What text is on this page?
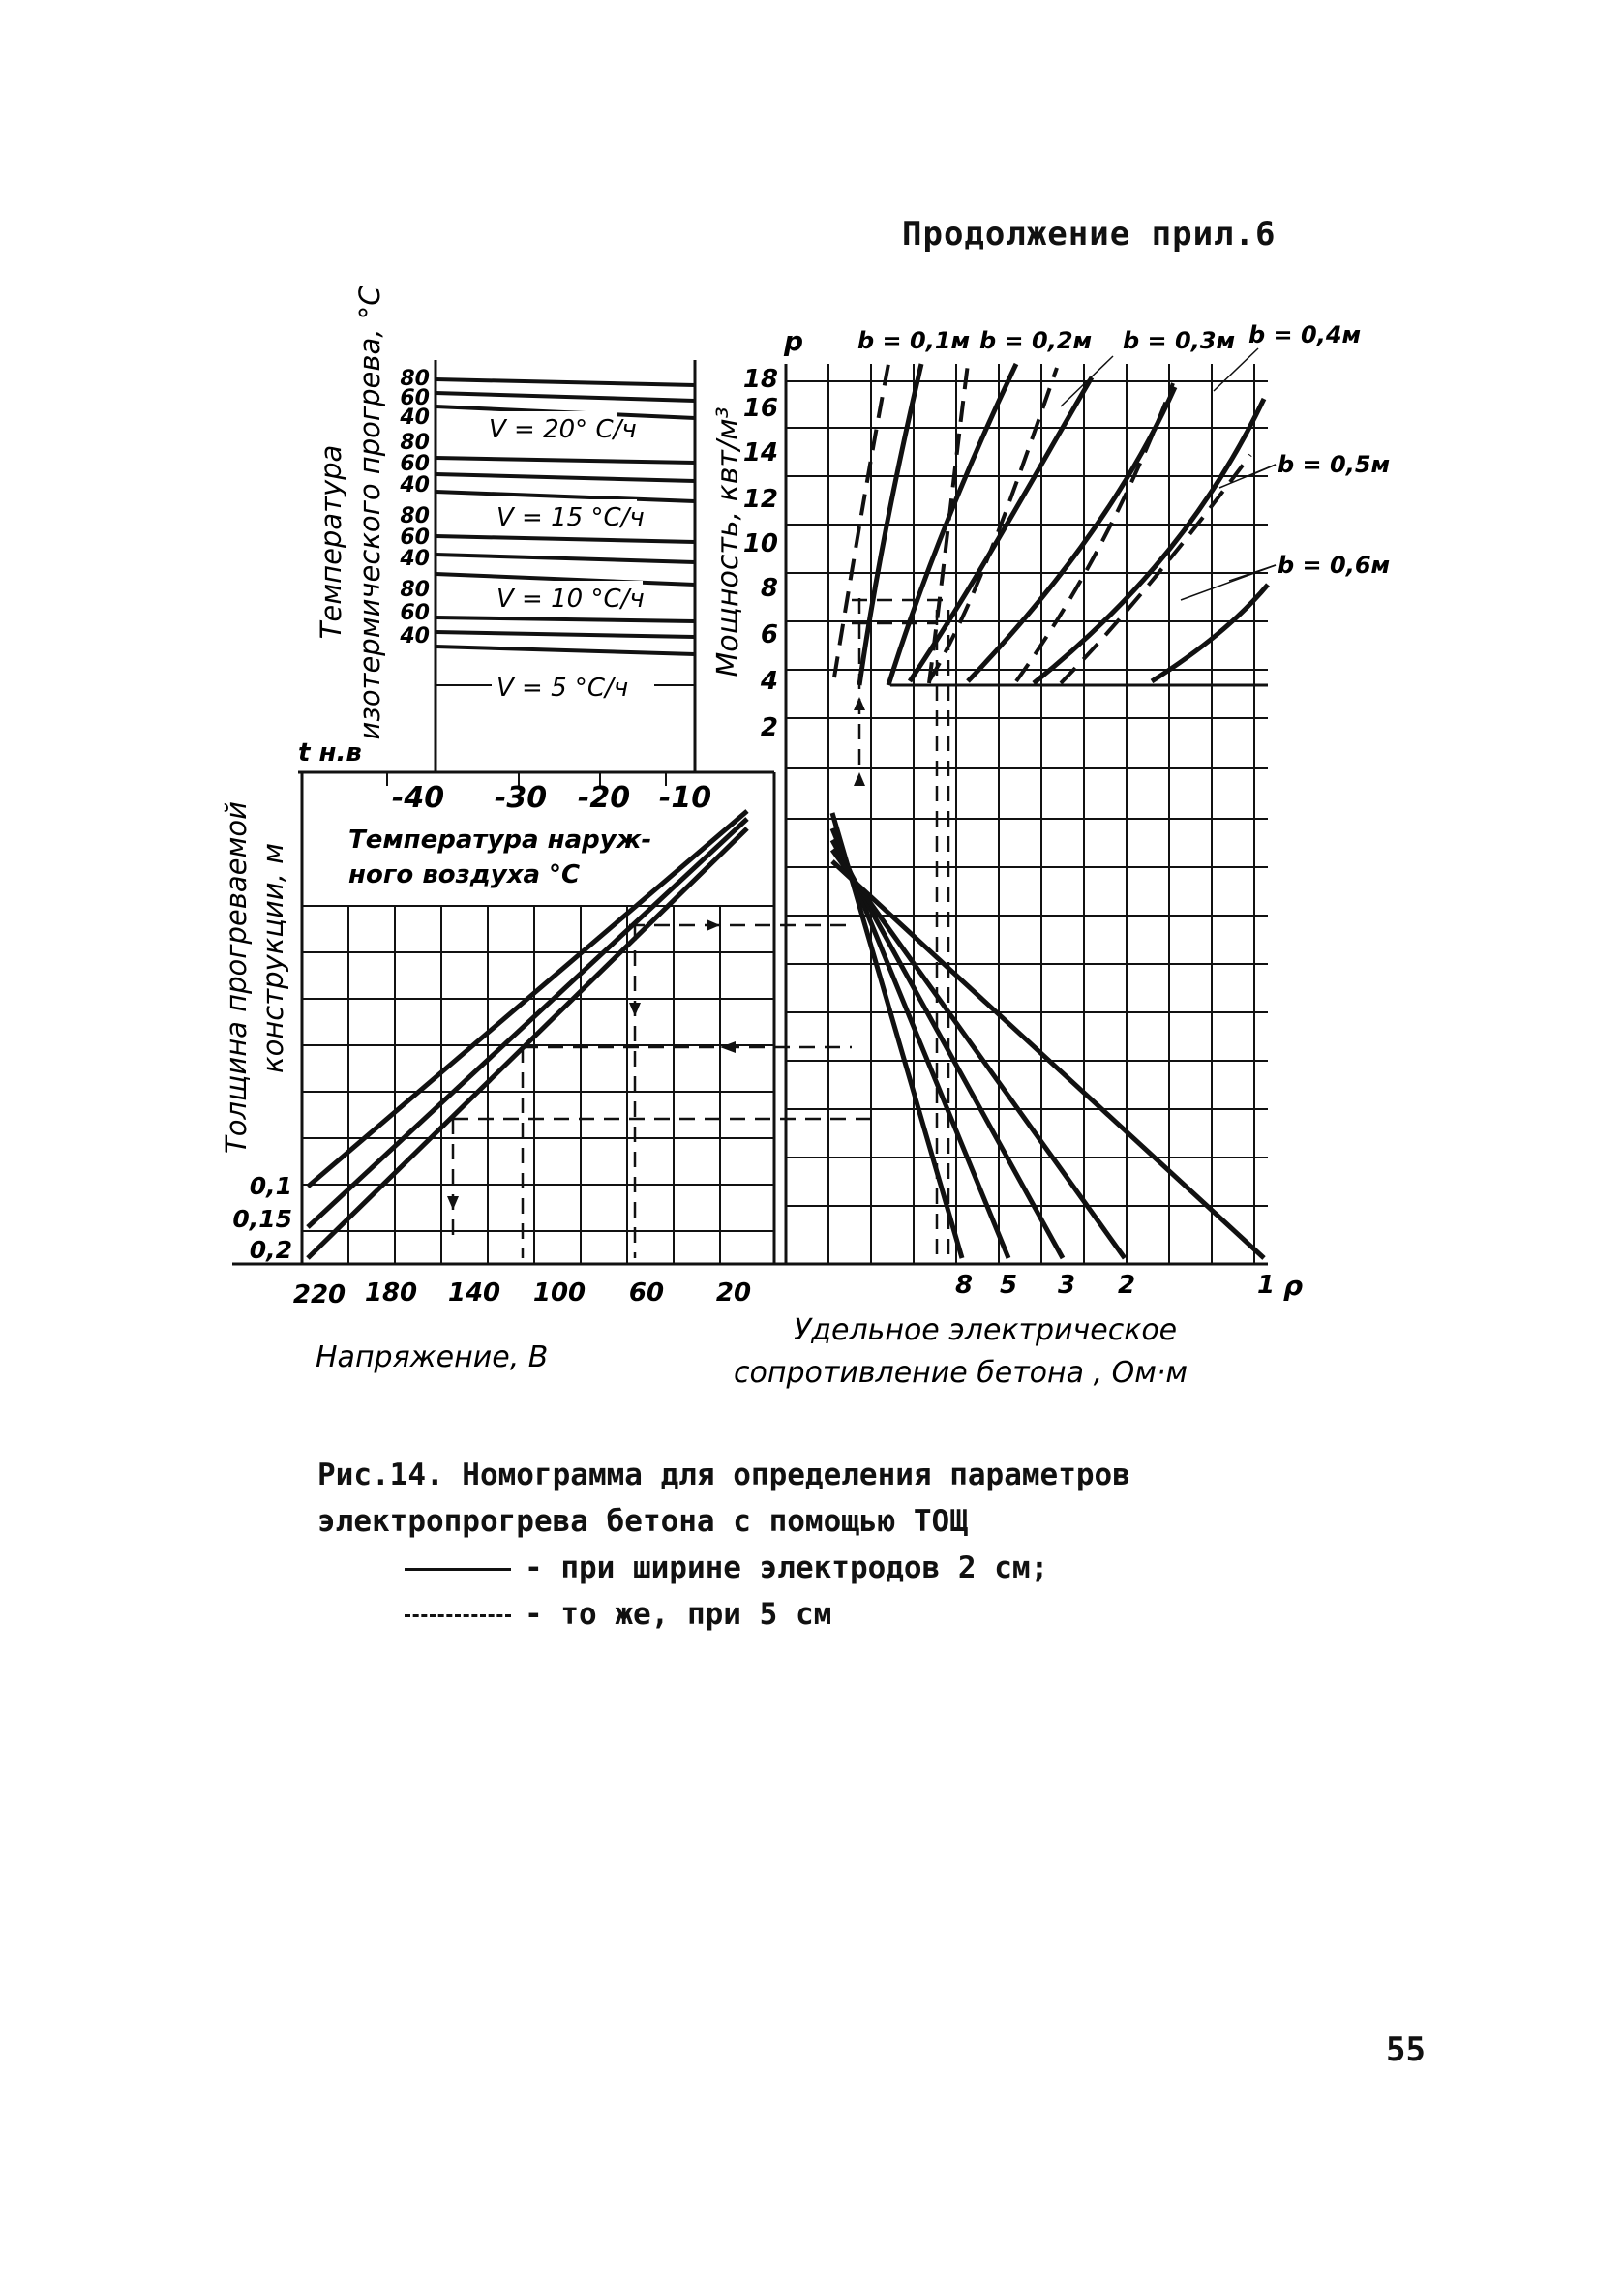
Продолжение прил.6
80
60
40
80
60
40
80
60
40
80
60
40
V = 20° С/ч
V = 15 °С/ч
V = 10 °С/ч
V = 5 °С/ч
Температура изотермического прогрева, °С
-40 -30 -20 -10
t н.в
Температура наруж-
ного воздуха °С
0,1
0,15
0,2
220 180 140 100 60 20
Напряжение, В
Толщина прогреваемой конструкции, м
18
16
14
12
10
8
6
4
2
p
Мощность, квт/м³
b = 0,1м b = 0,2м b = 0,3м b = 0,4м
b = 0,5м
b = 0,6м
8 5 3 2	1 ρ
Удельное электрическое
сопротивление бетона , Ом·м
Рис.14. Номограмма для определения параметров
электропрогрева бетона с помощью ТОЩ
- при ширине электродов 2 см;
- то же, при 5 см
55
